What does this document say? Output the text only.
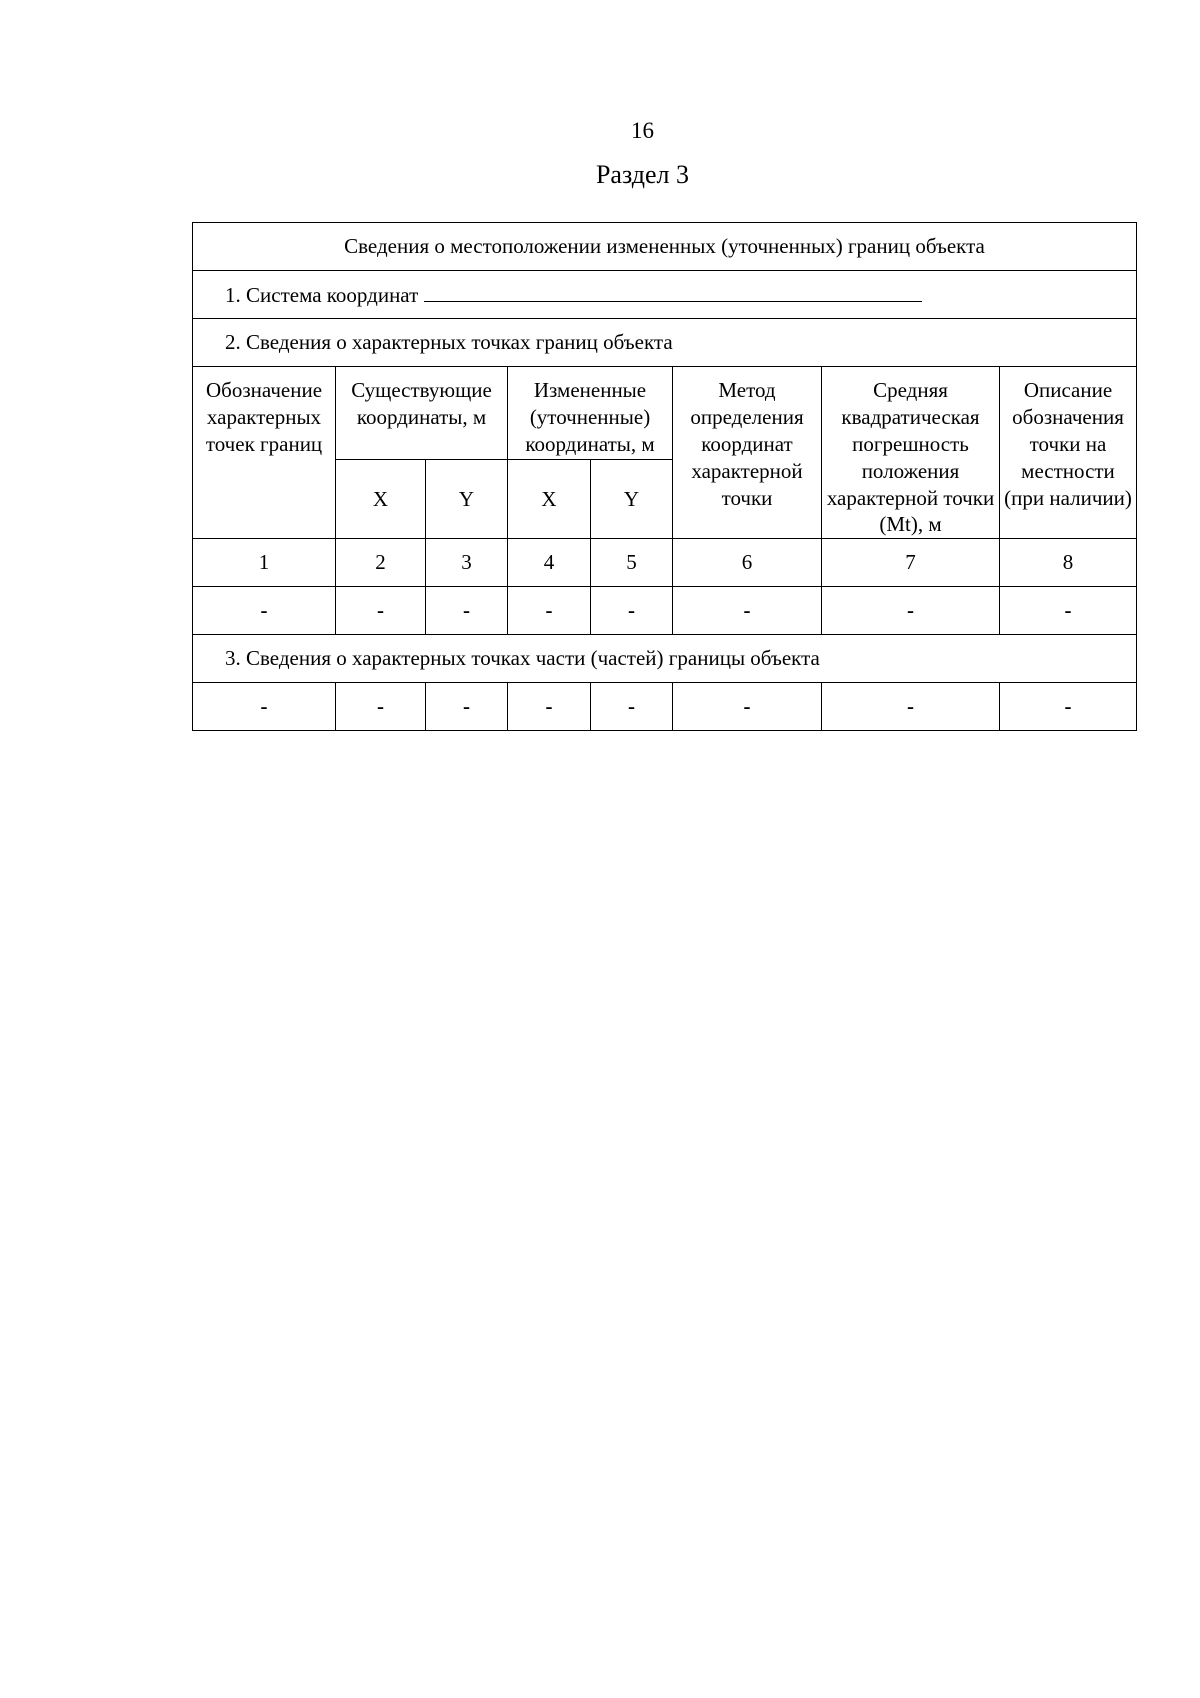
16
Раздел 3
Сведения о местоположении измененных (уточненных) границ объекта							
1. Система координат							
2. Сведения о характерных точках границ объекта							
Обозначение характерных точек границ	Существующие координаты, м		Измененные (уточненные) координаты, м		Метод определения координат характерной точки	Средняя квадратическая погрешность положения характерной точки (Mt), м	Описание обозначения точки на местности (при наличии)
	X	Y	X	Y			
1	2	3	4	5	6	7	8
-	-	-	-	-	-	-	-
3. Сведения о характерных точках части (частей) границы объекта							
-	-	-	-	-	-	-	-
